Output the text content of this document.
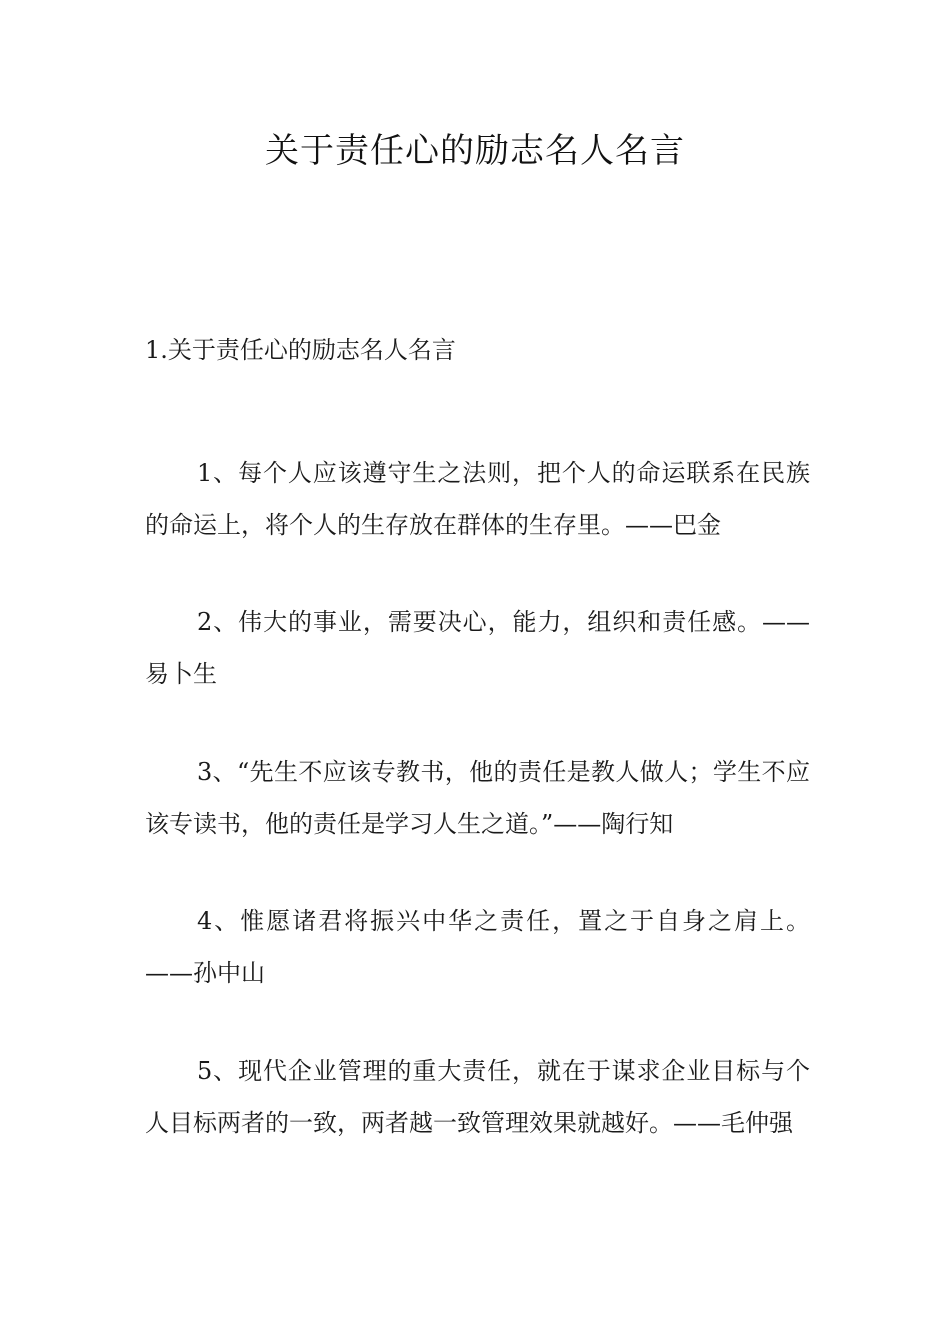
关于责任心的励志名人名言
1.关于责任心的励志名人名言

1、每个人应该遵守生之法则，把个人的命运联系在民族的命运上，将个人的生存放在群体的生存里。——巴金

2、伟大的事业，需要决心，能力，组织和责任感。——易卜生

3、“先生不应该专教书，他的责任是教人做人；学生不应该专读书，他的责任是学习人生之道。”——陶行知

4、惟愿诸君将振兴中华之责任，置之于自身之肩上。——孙中山

5、现代企业管理的重大责任，就在于谋求企业目标与个人目标两者的一致，两者越一致管理效果就越好。——毛仲强
